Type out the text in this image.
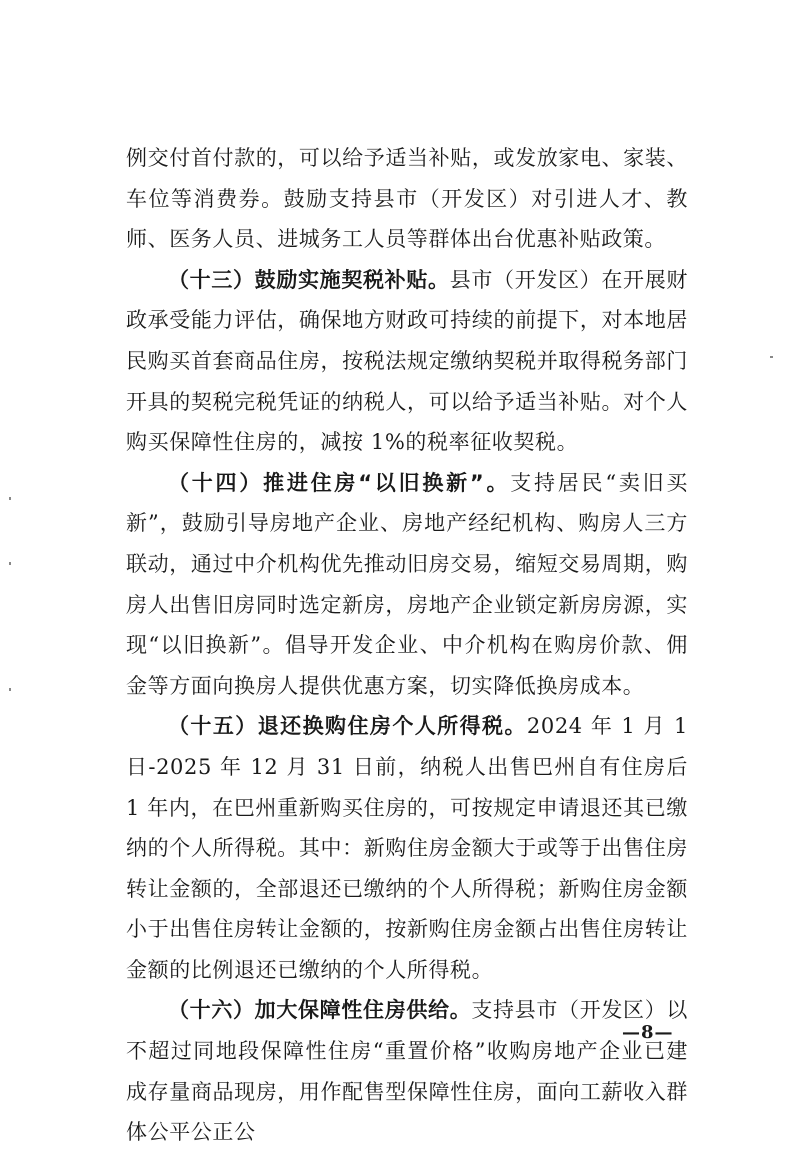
例交付首付款的，可以给予适当补贴，或发放家电、家装、车位等消费券。鼓励支持县市（开发区）对引进人才、教师、医务人员、进城务工人员等群体出台优惠补贴政策。

（十三）鼓励实施契税补贴。县市（开发区）在开展财政承受能力评估，确保地方财政可持续的前提下，对本地居民购买首套商品住房，按税法规定缴纳契税并取得税务部门开具的契税完税凭证的纳税人，可以给予适当补贴。对个人购买保障性住房的，减按 1%的税率征收契税。

（十四）推进住房“以旧换新”。支持居民“卖旧买新”，鼓励引导房地产企业、房地产经纪机构、购房人三方联动，通过中介机构优先推动旧房交易，缩短交易周期，购房人出售旧房同时选定新房，房地产企业锁定新房房源，实现“以旧换新”。倡导开发企业、中介机构在购房价款、佣金等方面向换房人提供优惠方案，切实降低换房成本。

（十五）退还换购住房个人所得税。2024 年 1 月 1 日-2025 年 12 月 31 日前，纳税人出售巴州自有住房后 1 年内，在巴州重新购买住房的，可按规定申请退还其已缴纳的个人所得税。其中：新购住房金额大于或等于出售住房转让金额的，全部退还已缴纳的个人所得税；新购住房金额小于出售住房转让金额的，按新购住房金额占出售住房转让金额的比例退还已缴纳的个人所得税。

（十六）加大保障性住房供给。支持县市（开发区）以不超过同地段保障性住房“重置价格”收购房地产企业已建成存量商品现房，用作配售型保障性住房，面向工薪收入群体公平公正公

—8—
